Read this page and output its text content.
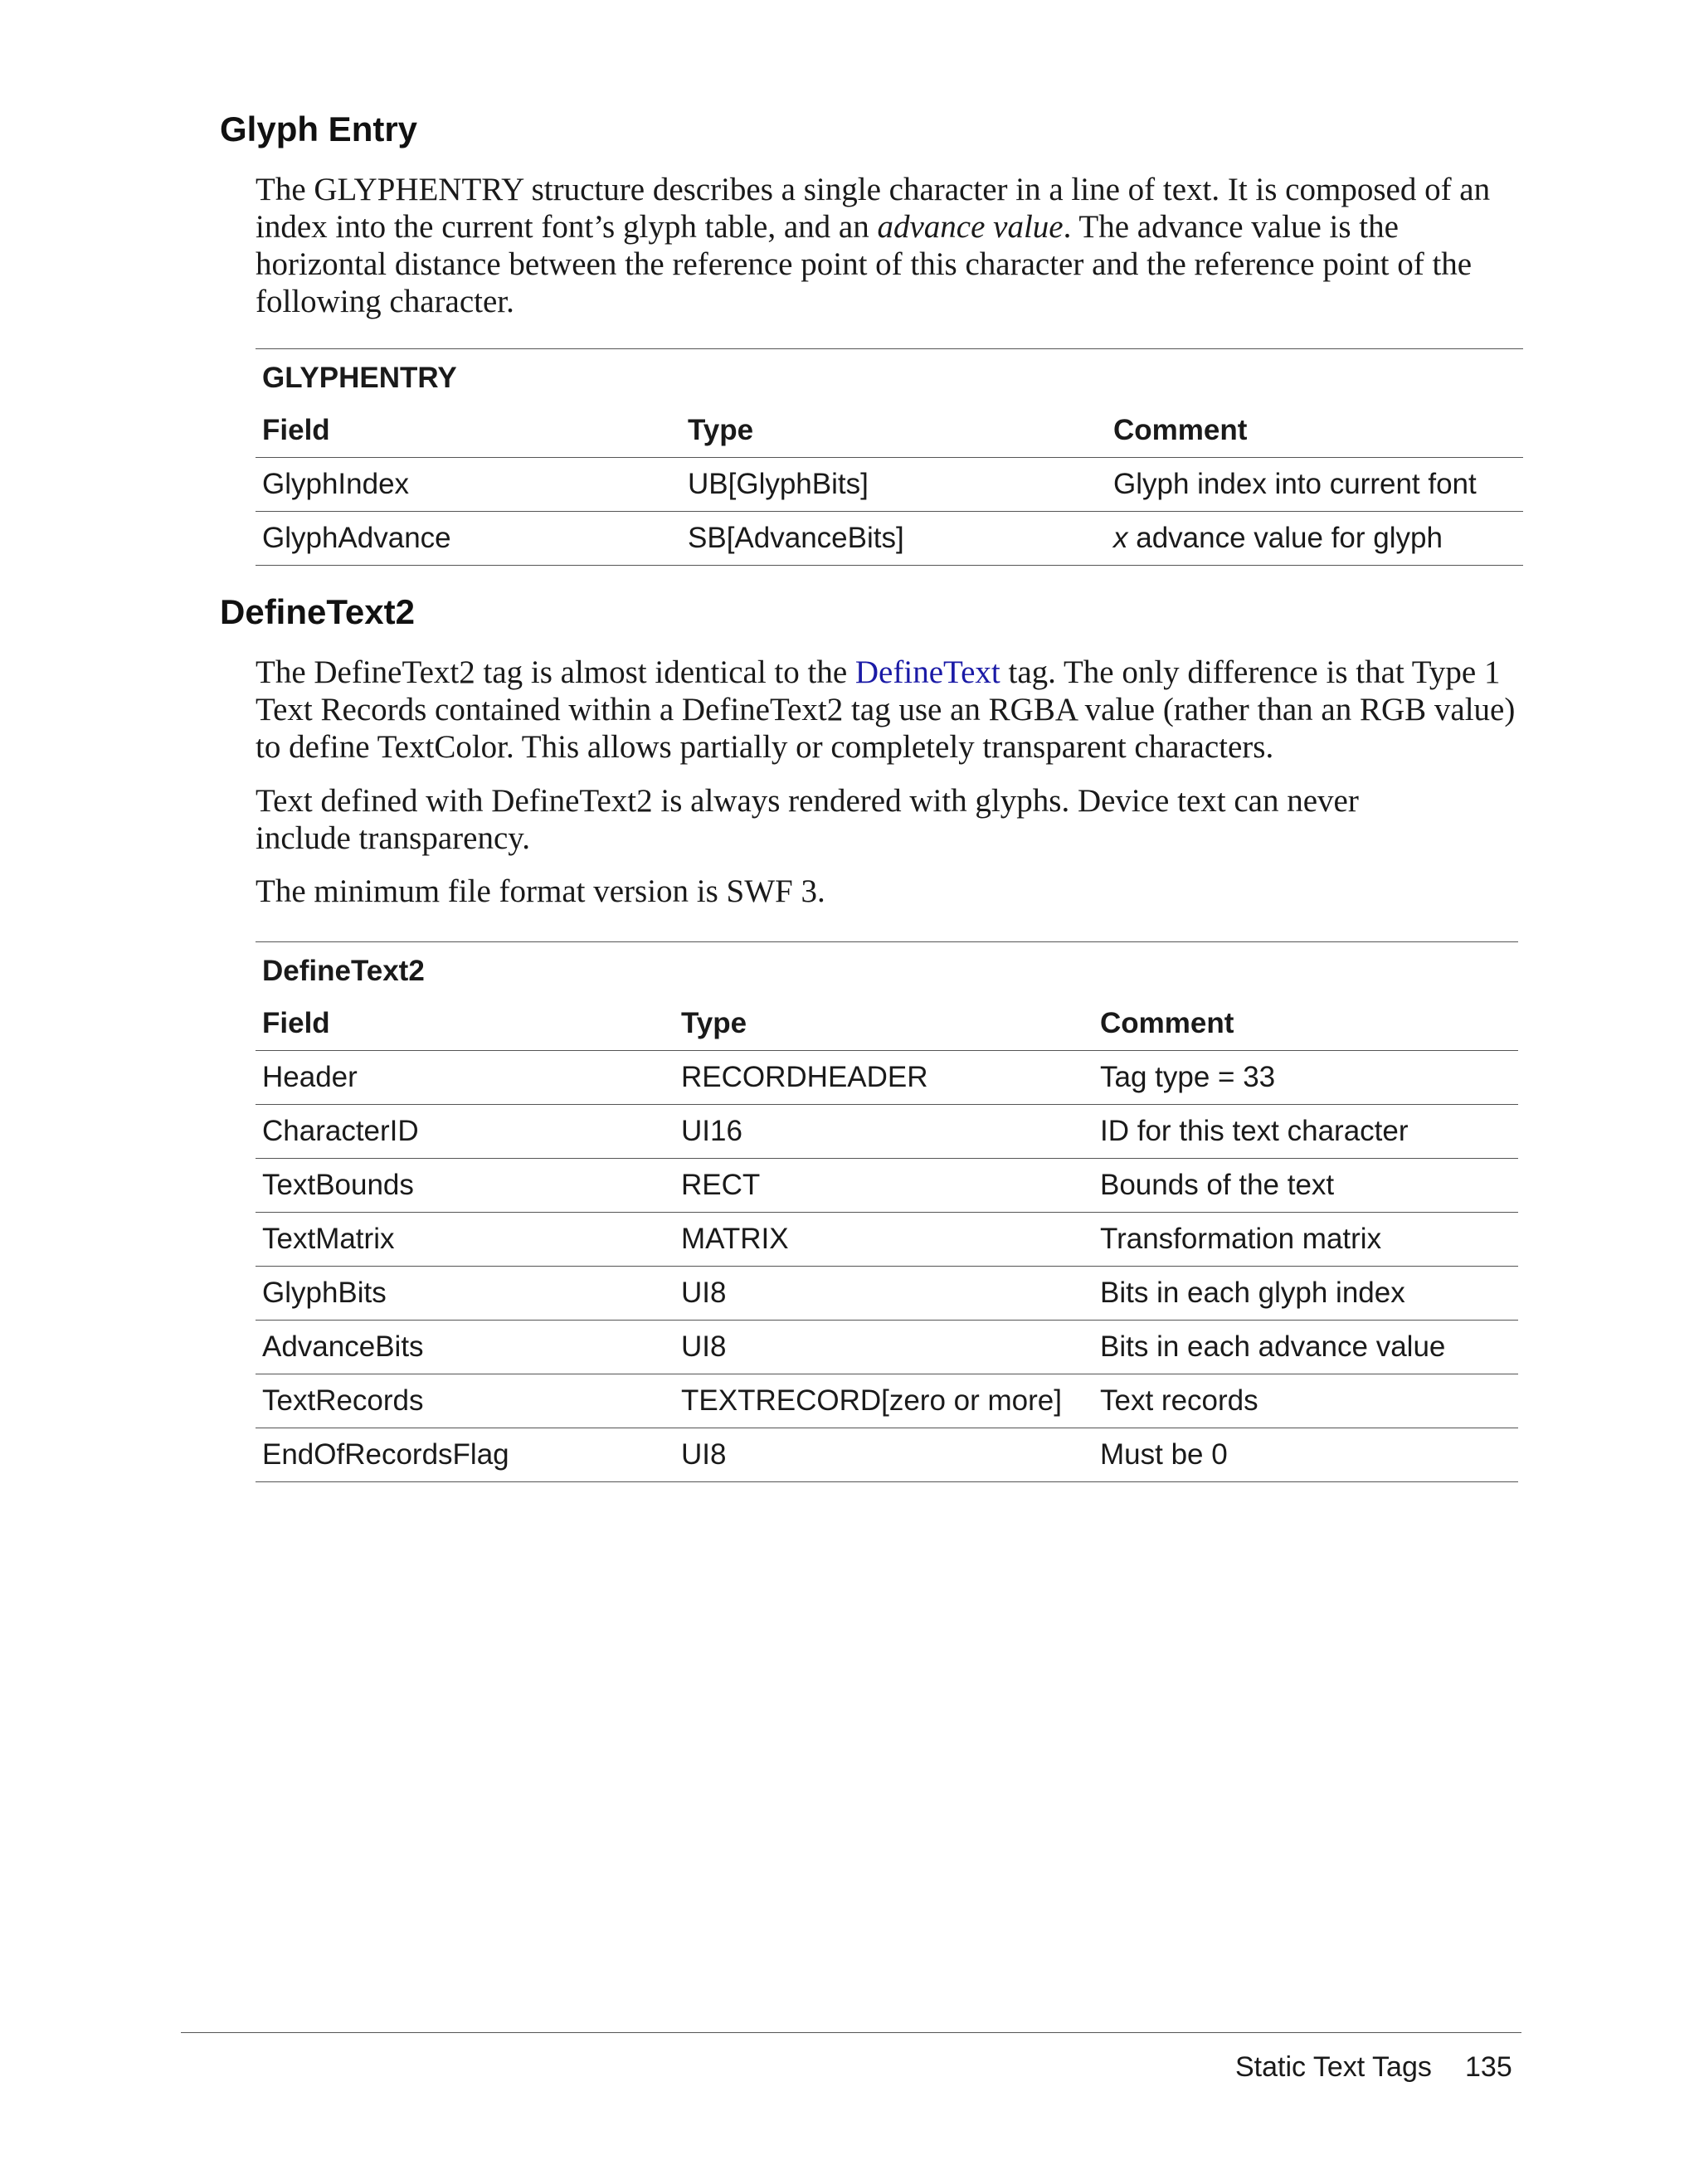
Glyph Entry

The GLYPHENTRY structure describes a single character in a line of text. It is composed of an index into the current font’s glyph table, and an advance value. The advance value is the horizontal distance between the reference point of this character and the reference point of the following character.

GLYPHENTRY		
Field	Type	Comment
GlyphIndex	UB[GlyphBits]	Glyph index into current font
GlyphAdvance	SB[AdvanceBits]	x advance value for glyph
DefineText2

The DefineText2 tag is almost identical to the DefineText tag. The only difference is that Type 1 Text Records contained within a DefineText2 tag use an RGBA value (rather than an RGB value) to define TextColor. This allows partially or completely transparent characters.

Text defined with DefineText2 is always rendered with glyphs. Device text can never include transparency.

The minimum file format version is SWF 3.

DefineText2		
Field	Type	Comment
Header	RECORDHEADER	Tag type = 33
CharacterID	UI16	ID for this text character
TextBounds	RECT	Bounds of the text
TextMatrix	MATRIX	Transformation matrix
GlyphBits	UI8	Bits in each glyph index
AdvanceBits	UI8	Bits in each advance value
TextRecords	TEXTRECORD[zero or more]	Text records
EndOfRecordsFlag	UI8	Must be 0
Static Text Tags 135
